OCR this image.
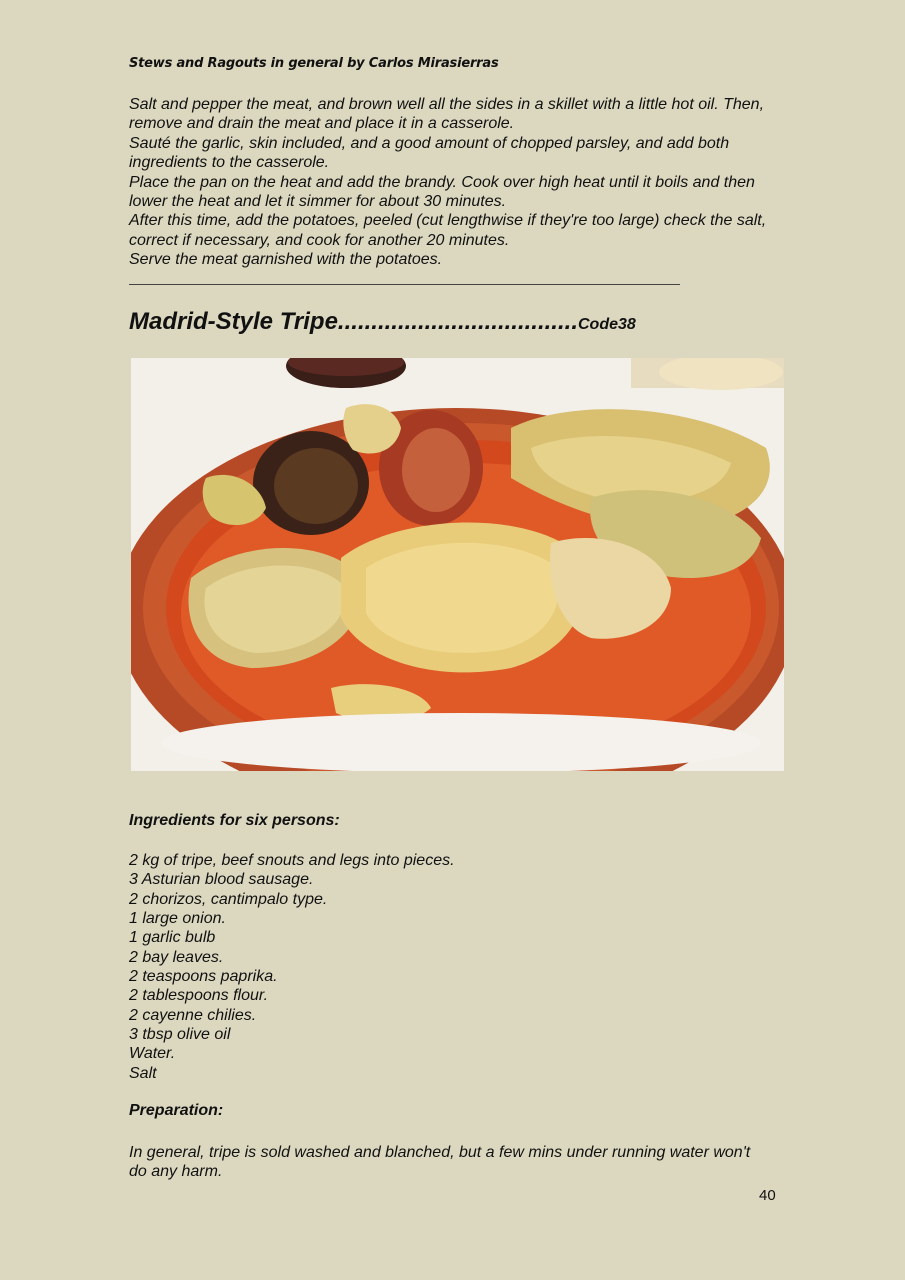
Stews and Ragouts in general by Carlos Mirasierras

Salt and pepper the meat, and brown well all the sides in a skillet with a little hot oil. Then, remove and drain the meat and place it in a casserole.

Sauté the garlic, skin included, and a good amount of chopped parsley, and add both ingredients to the casserole.

Place the pan on the heat and add the brandy. Cook over high heat until it boils and then lower the heat and let it simmer for about 30 minutes.

After this time, add the potatoes, peeled (cut lengthwise if they're too large) check the salt, correct if necessary, and cook for another 20 minutes.

Serve the meat garnished with the potatoes.

Madrid-Style Tripe....................................Code38
Ingredients for six persons:
2 kg of tripe, beef snouts and legs into pieces.
3 Asturian blood sausage.
2 chorizos, cantimpalo type.
1 large onion.
1 garlic bulb
2 bay leaves.
2 teaspoons paprika.
2 tablespoons flour.
2 cayenne chilies.
3 tbsp olive oil
Water.
Salt
Preparation:

In general, tripe is sold washed and blanched, but a few mins under running water won't do any harm.

40
